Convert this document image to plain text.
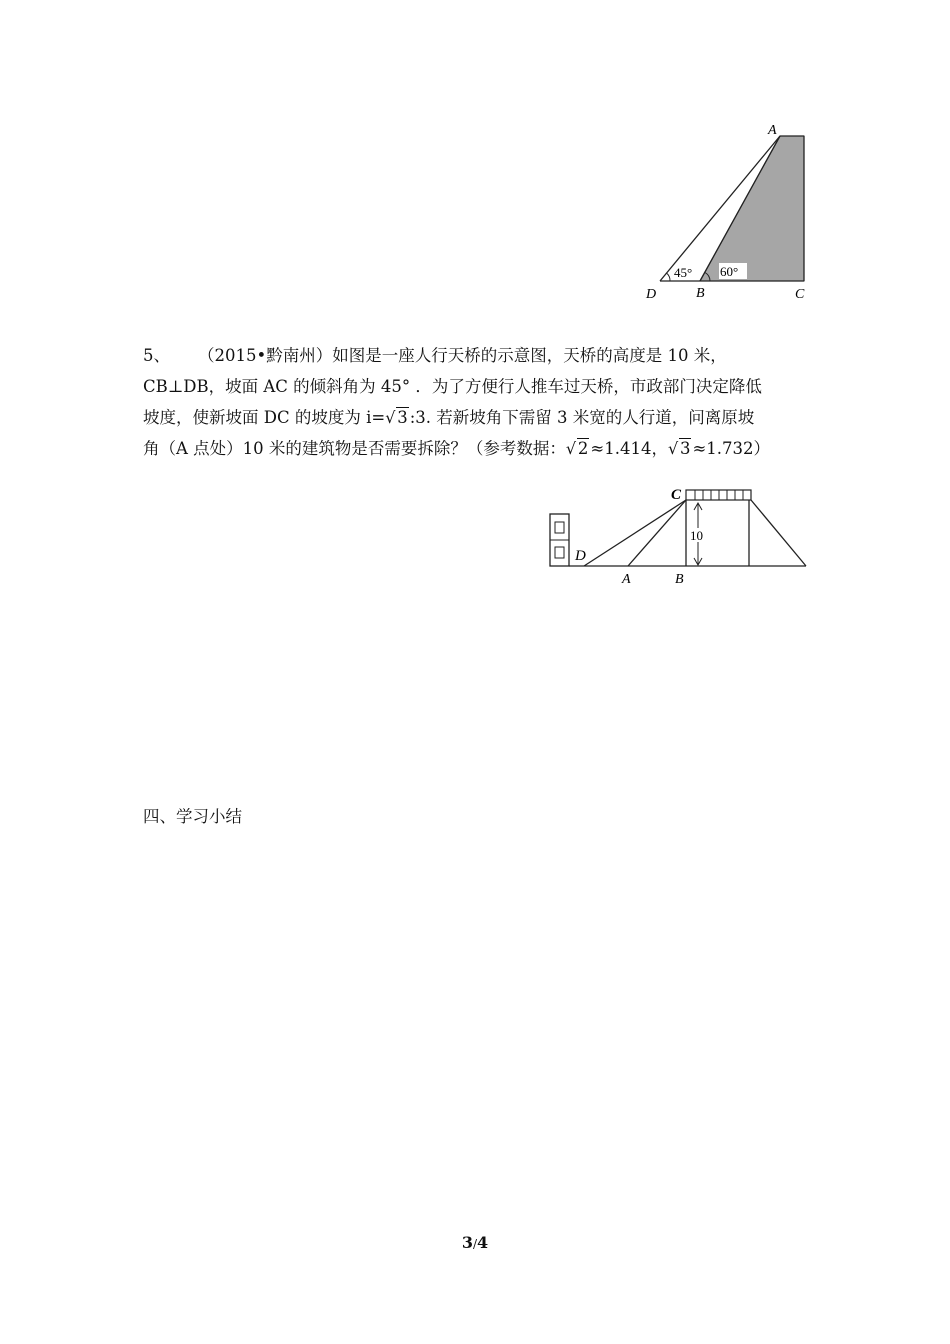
45° 60°
A
D	B	C
5、 （2015•黔南州）如图是一座人行天桥的示意图，天桥的高度是 10 米，
CB⊥DB，坡面 AC 的倾斜角为 45° ．为了方便行人推车过天桥，市政部门决定降低
坡度，使新坡面 DC 的坡度为 i= √ 3 :3. 若新坡角下需留 3 米宽的人行道，问离原坡
角（A 点处）10 米的建筑物是否需要拆除？（参考数据： √ 2 ≈1.414， √ 3 ≈1.732）
10
C
D
A	B
四、学习小结
3/4
